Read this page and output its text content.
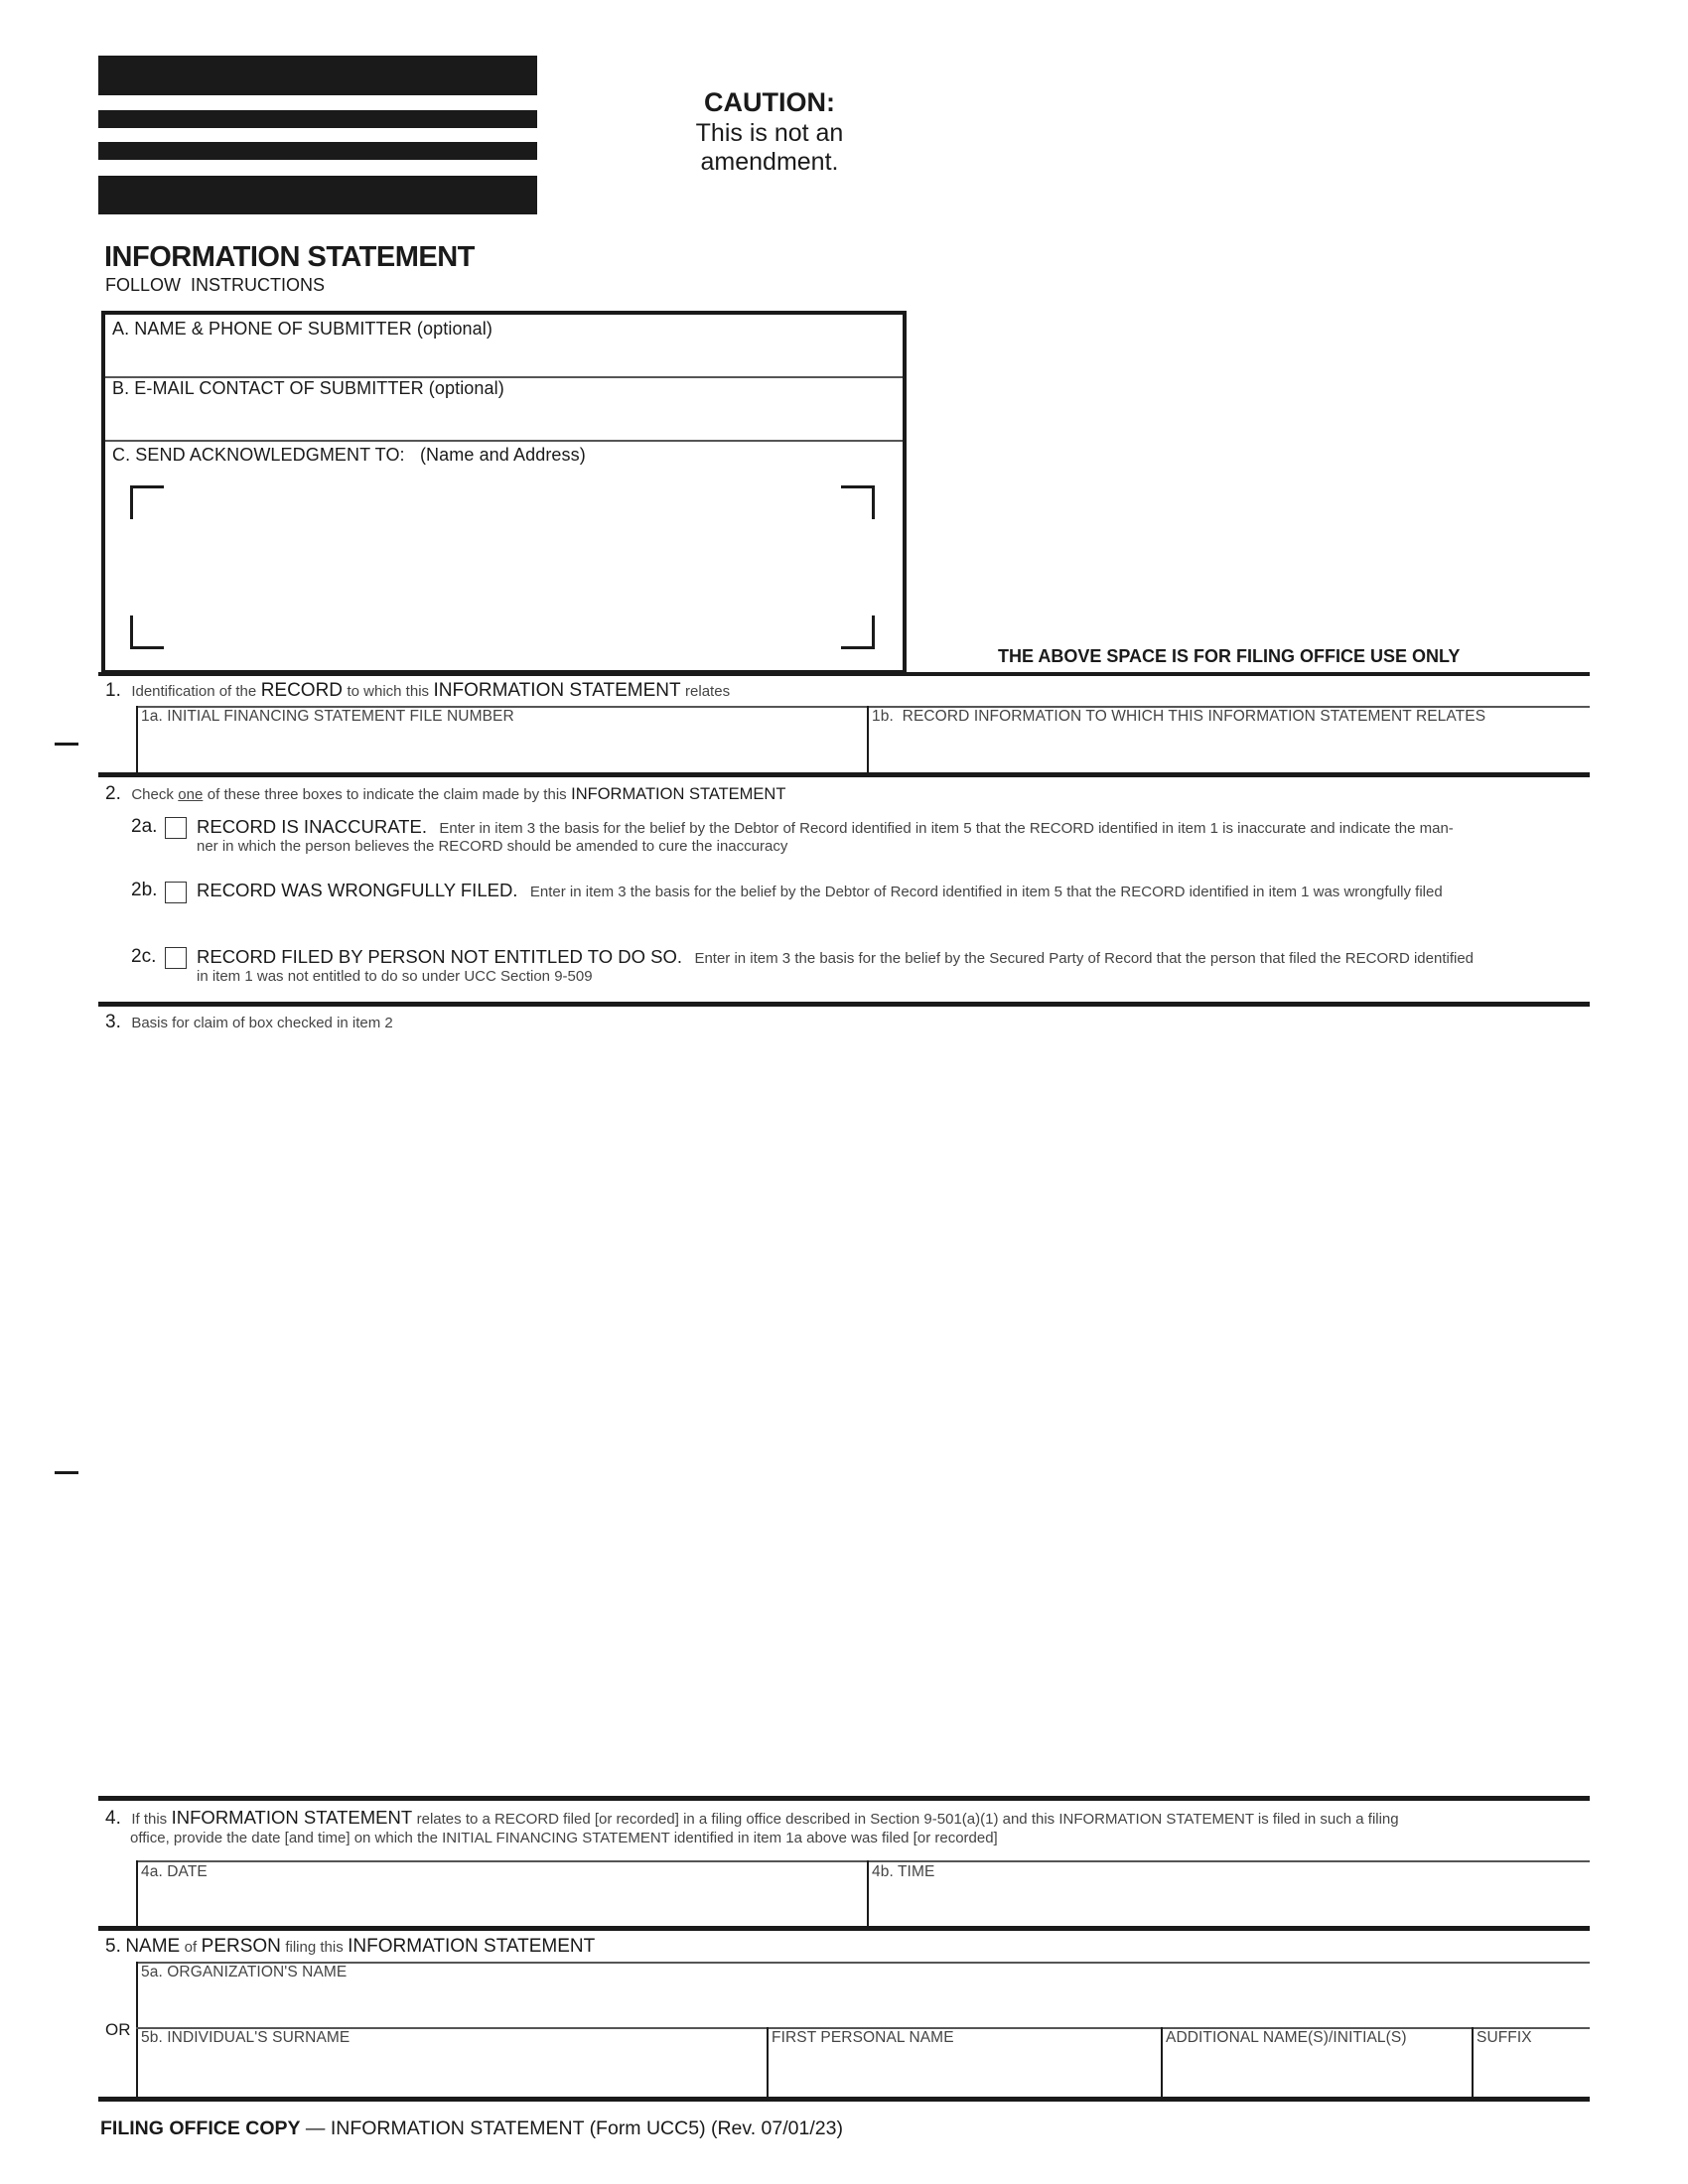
CAUTION:
This is not an
amendment.
INFORMATION STATEMENT
FOLLOW  INSTRUCTIONS
A. NAME & PHONE OF SUBMITTER (optional)
B. E-MAIL CONTACT OF SUBMITTER (optional)
C. SEND ACKNOWLEDGMENT TO:   (Name and Address)
THE ABOVE SPACE IS FOR FILING OFFICE USE ONLY
1. Identification of the RECORD to which this INFORMATION STATEMENT relates
1a. INITIAL FINANCING STATEMENT FILE NUMBER	1b.  RECORD INFORMATION TO WHICH THIS INFORMATION STATEMENT RELATES
2. Check one of these three boxes to indicate the claim made by this INFORMATION STATEMENT
2a. RECORD IS INACCURATE. Enter in item 3 the basis for the belief by the Debtor of Record identified in item 5 that the RECORD identified in item 1 is inaccurate and indicate the man-
ner in which the person believes the RECORD should be amended to cure the inaccuracy
2b. RECORD WAS WRONGFULLY FILED. Enter in item 3 the basis for the belief by the Debtor of Record identified in item 5 that the RECORD identified in item 1 was wrongfully filed
2c. RECORD FILED BY PERSON NOT ENTITLED TO DO SO. Enter in item 3 the basis for the belief by the Secured Party of Record that the person that filed the RECORD identified
in item 1 was not entitled to do so under UCC Section 9-509
3. Basis for claim of box checked in item 2
4. If this INFORMATION STATEMENT relates to a RECORD filed [or recorded] in a filing office described in Section 9-501(a)(1) and this INFORMATION STATEMENT is filed in such a filing
office, provide the date [and time] on which the INITIAL FINANCING STATEMENT identified in item 1a above was filed [or recorded]
4a. DATE	4b. TIME
5. NAME of PERSON filing this INFORMATION STATEMENT
5a. ORGANIZATION'S NAME
OR 5b. INDIVIDUAL'S SURNAME	FIRST PERSONAL NAME	ADDITIONAL NAME(S)/INITIAL(S)	SUFFIX
FILING OFFICE COPY — INFORMATION STATEMENT (Form UCC5) (Rev. 07/01/23)
